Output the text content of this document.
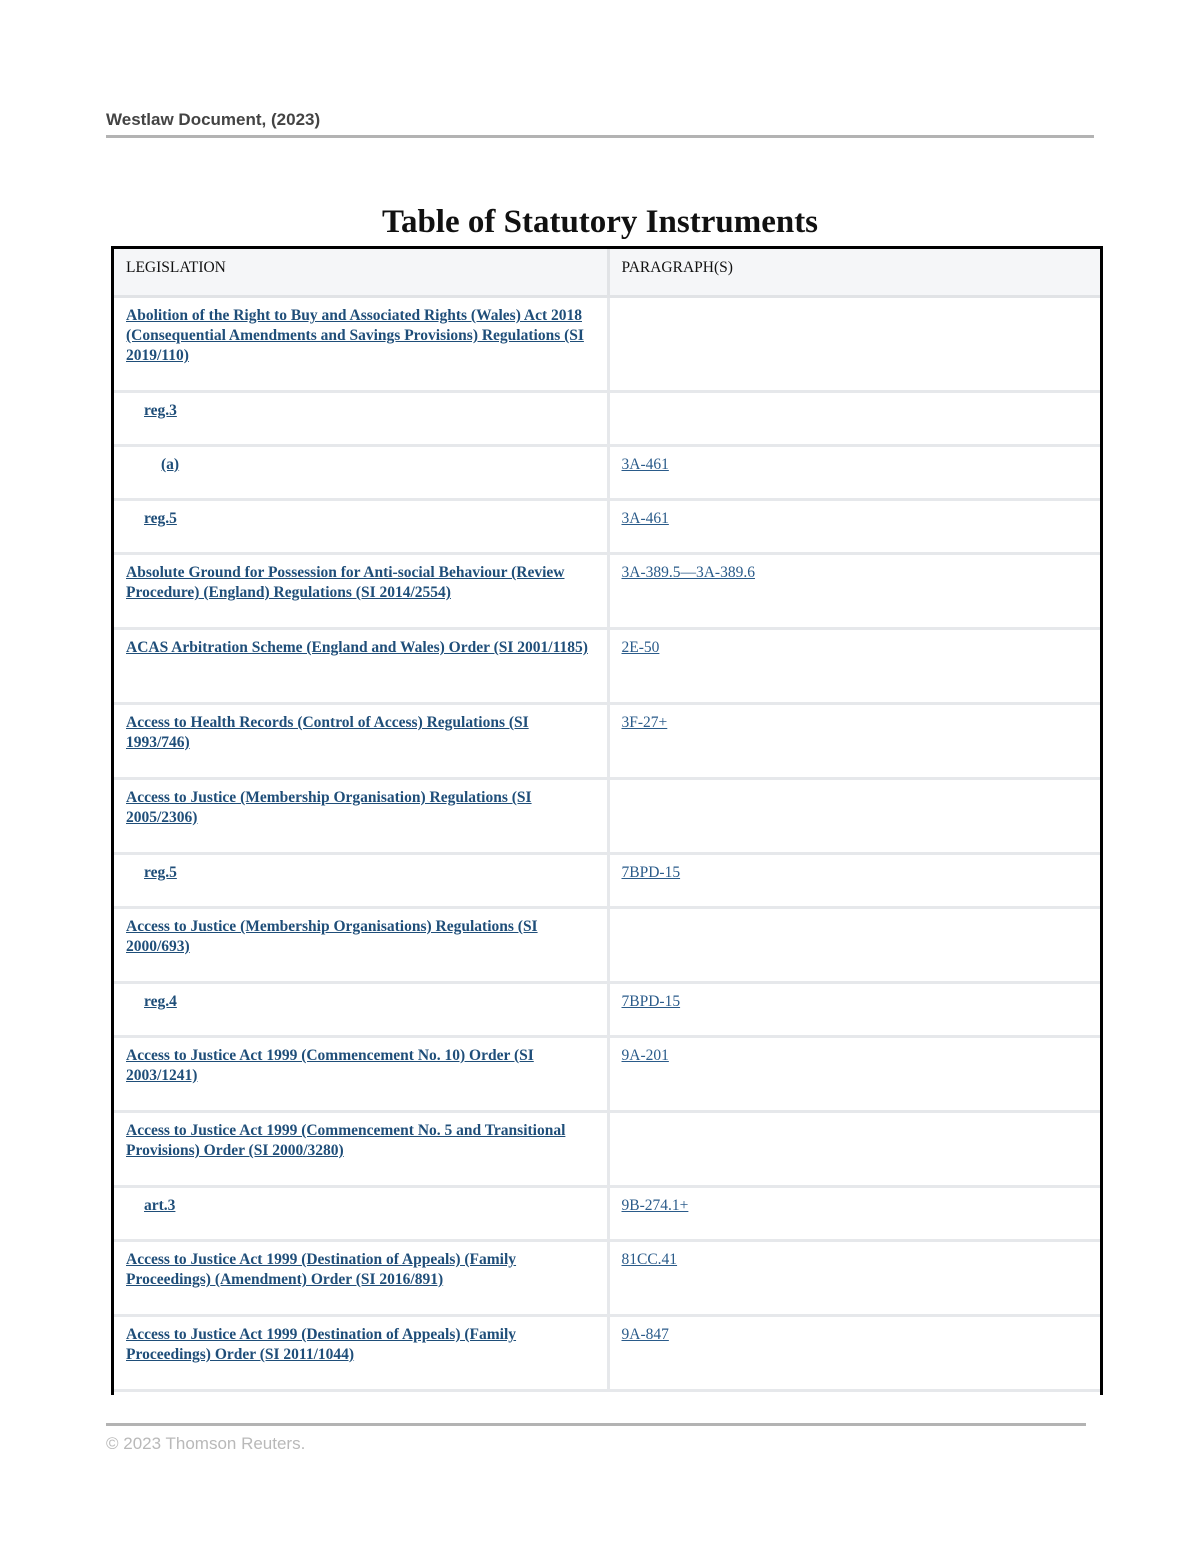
Westlaw Document, (2023)
Table of Statutory Instruments
LEGISLATION	PARAGRAPH(S)
Abolition of the Right to Buy and Associated Rights (Wales) Act 2018 (Consequential Amendments and Savings Provisions) Regulations (SI 2019/110)	
reg.3	
(a)	3A-461
reg.5	3A-461
Absolute Ground for Possession for Anti-social Behaviour (Review Procedure) (England) Regulations (SI 2014/2554)	3A-389.5—3A-389.6
ACAS Arbitration Scheme (England and Wales) Order (SI 2001/1185)	2E-50
Access to Health Records (Control of Access) Regulations (SI 1993/746)	3F-27+
Access to Justice (Membership Organisation) Regulations (SI 2005/2306)	
reg.5	7BPD-15
Access to Justice (Membership Organisations) Regulations (SI 2000/693)	
reg.4	7BPD-15
Access to Justice Act 1999 (Commencement No. 10) Order (SI 2003/1241)	9A-201
Access to Justice Act 1999 (Commencement No. 5 and Transitional Provisions) Order (SI 2000/3280)	
art.3	9B-274.1+
Access to Justice Act 1999 (Destination of Appeals) (Family Proceedings) (Amendment) Order (SI 2016/891)	81CC.41
Access to Justice Act 1999 (Destination of Appeals) (Family Proceedings) Order (SI 2011/1044)	9A-847
© 2023 Thomson Reuters.
